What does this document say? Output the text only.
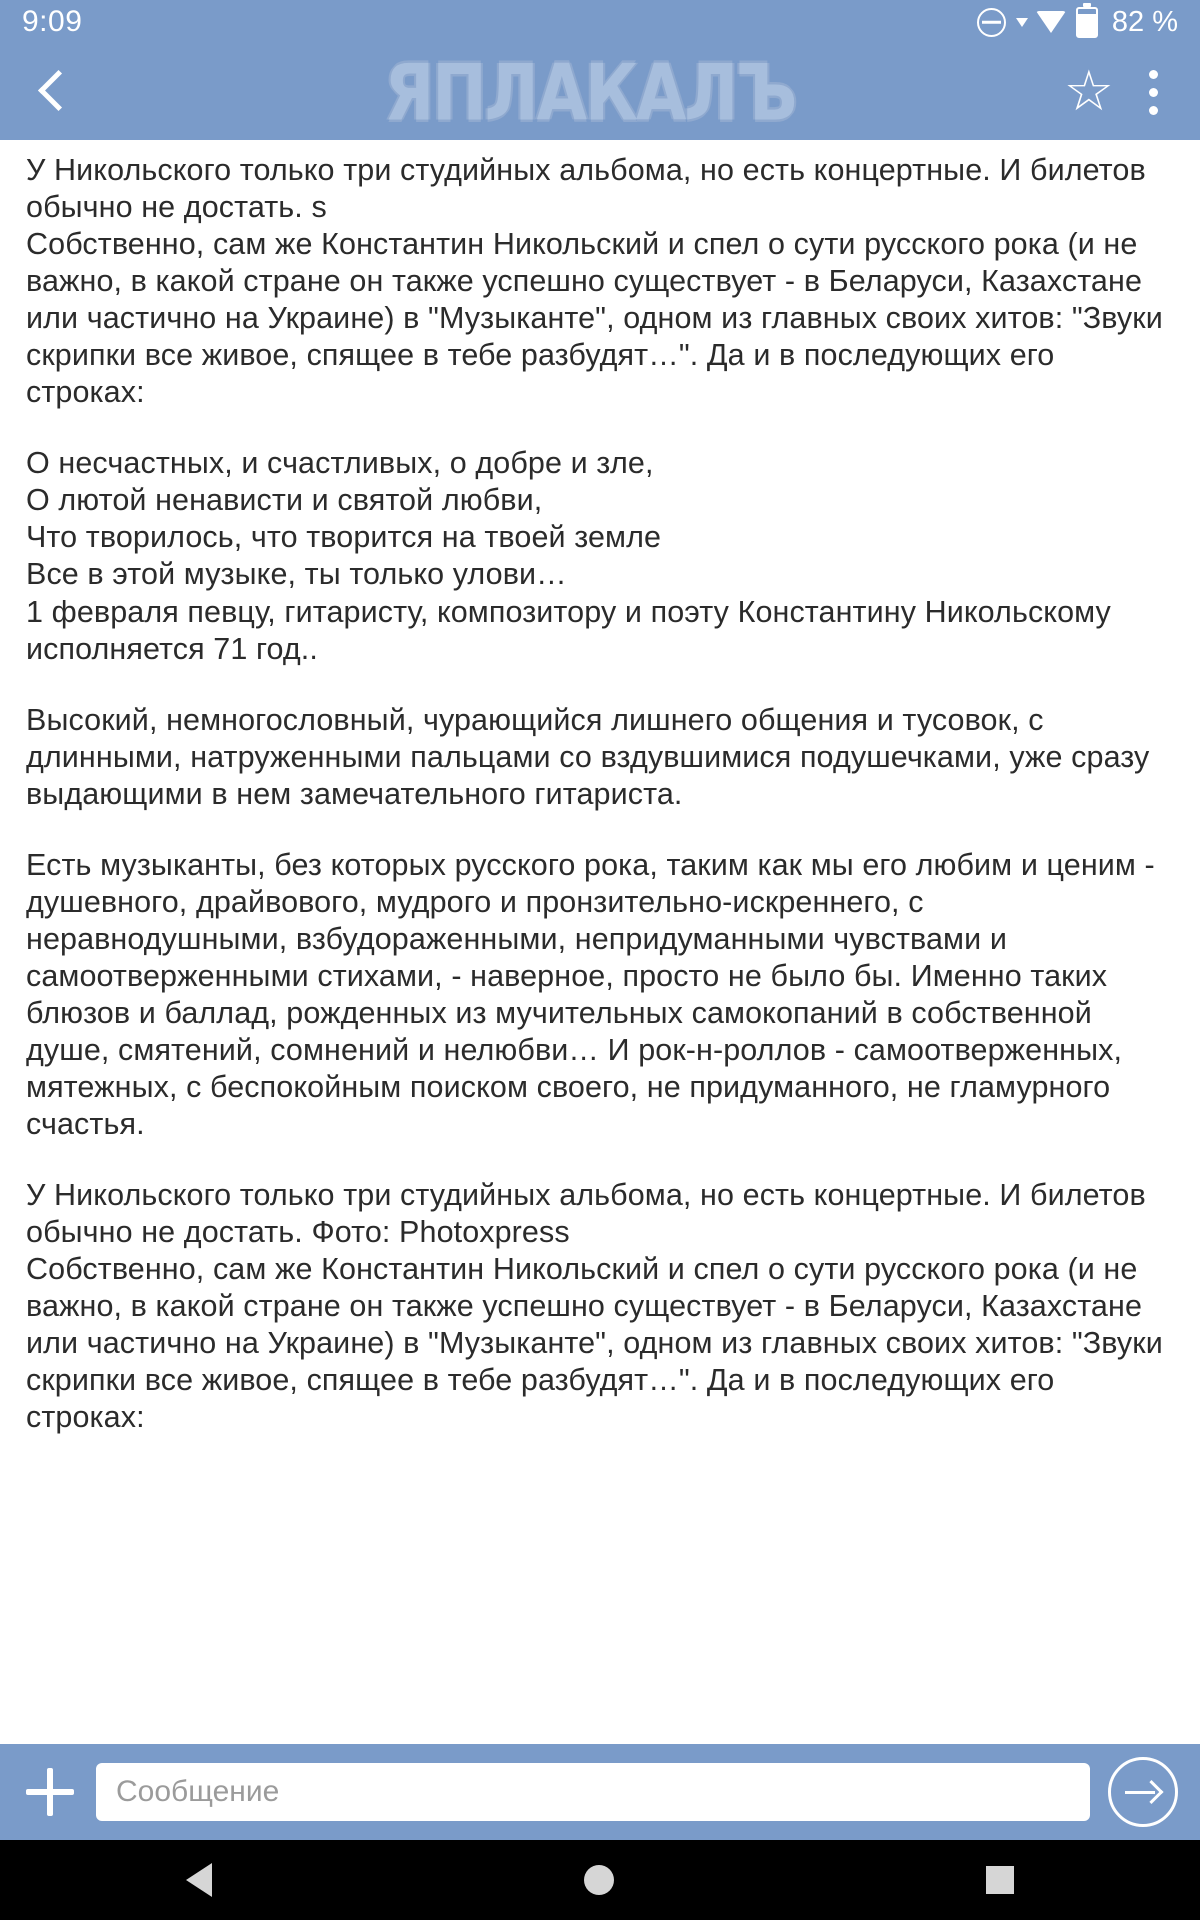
9:09	82 %
ЯПЛАКАЛЪ	☆

У Никольского только три студийных альбома, но есть концертные. И билетов обычно не достать. s

Собственно, сам же Константин Никольский и спел о сути русского рока (и не важно, в какой стране он также успешно существует - в Беларуси, Казахстане или частично на Украине) в "Музыканте", одном из главных своих хитов: "Звуки скрипки все живое, спящее в тебе разбудят…". Да и в последующих его строках:

О несчастных, и счастливых, о добре и зле,

О лютой ненависти и святой любви,

Что творилось, что творится на твоей земле

Все в этой музыке, ты только улови…

1 февраля певцу, гитаристу, композитору и поэту Константину Никольскому исполняется 71 год..

Высокий, немногословный, чурающийся лишнего общения и тусовок, с длинными, натруженными пальцами со вздувшимися подушечками, уже сразу выдающими в нем замечательного гитариста.

Есть музыканты, без которых русского рока, таким как мы его любим и ценим - душевного, драйвового, мудрого и пронзительно-искреннего, с неравнодушными, взбудораженными, непридуманными чувствами и самоотверженными стихами, - наверное, просто не было бы. Именно таких блюзов и баллад, рожденных из мучительных самокопаний в собственной душе, смятений, сомнений и нелюбви… И рок-н-роллов - самоотверженных, мятежных, с беспокойным поиском своего, не придуманного, не гламурного счастья.

У Никольского только три студийных альбома, но есть концертные. И билетов обычно не достать. Фото: Photoxpress

Собственно, сам же Константин Никольский и спел о сути русского рока (и не важно, в какой стране он также успешно существует - в Беларуси, Казахстане или частично на Украине) в "Музыканте", одном из главных своих хитов: "Звуки скрипки все живое, спящее в тебе разбудят…". Да и в последующих его строках:

Сообщение
